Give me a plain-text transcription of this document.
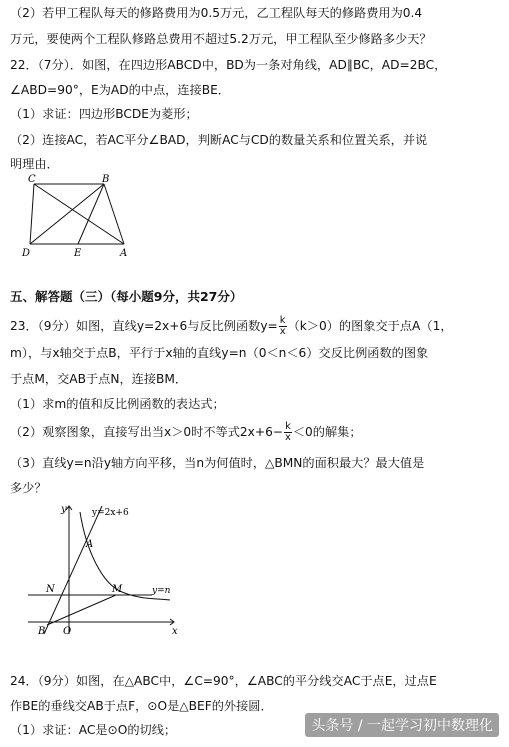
（2）若甲工程队每天的修路费用为0.5万元，乙工程队每天的修路费用为0.4
万元，要使两个工程队修路总费用不超过5.2万元，甲工程队至少修路多少天？
22．（7分）．如图，在四边形ABCD中，BD为一条对角线，AD∥BC，AD=2BC，
∠ABD=90°，E为AD的中点，连接BE．
（1）求证：四边形BCDE为菱形；
（2）连接AC，若AC平分∠BAD，判断AC与CD的数量关系和位置关系，并说
明理由．
C	B
D	E	A
五、解答题（三）（每小题9分，共27分）
23．（9分）如图，直线y=2x+6与反比例函数$y= \frac{k}{x} (k>0)$的图象交于点A（1，
m），与x轴交于点B，平行于x轴的直线y=n（0＜n＜6）交反比例函数的图象
于点M，交AB于点N，连接BM．
（1）求m的值和反比例函数的表达式；
（2）观察图象，直接写出当x＞0时不等式$2x+6- \frac{k}{x} <0$的解集；
（3）直线y=n沿y轴方向平移，当n为何值时，△BMN的面积最大？最大值是
多少？
y
x
O
B
A
N	M
y=2x+6
y=n
24．（9分）如图，在△ABC中，∠C=90°，∠ABC的平分线交AC于点E，过点E
作BE的垂线交AB于点F，⊙O是△BEF的外接圆．
（1）求证：AC是⊙O的切线；	头条号 / 一起学习初中数理化
